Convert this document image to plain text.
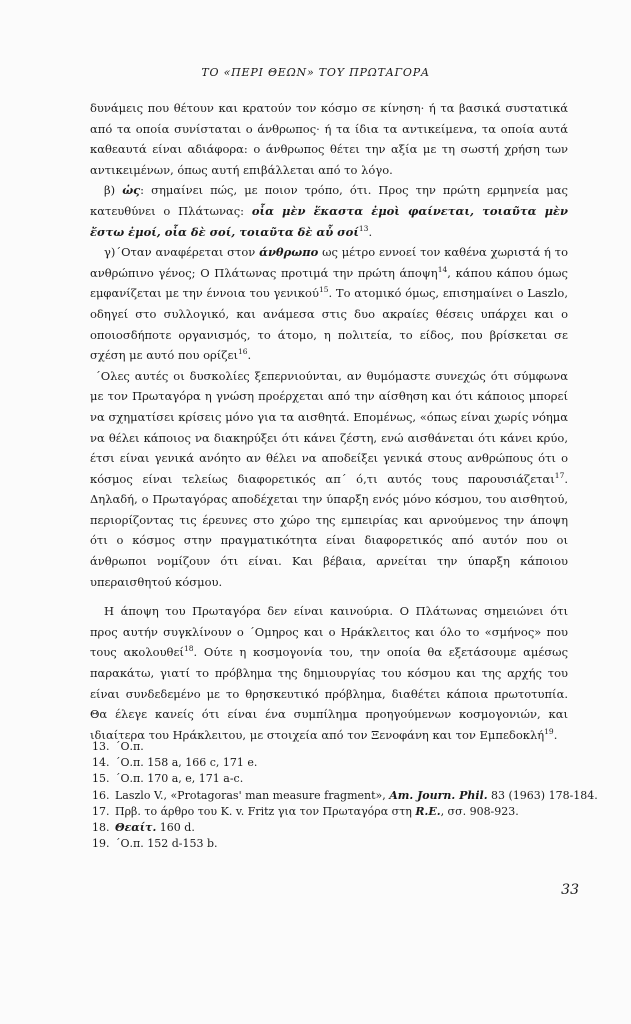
ΤΟ «ΠΕΡΙ ΘΕΩΝ» ΤΟΥ ΠΡΩΤΑΓΟΡΑ

δυνάμεις που θέτουν και κρατούν τον κόσμο σε κίνηση· ή τα βασικά συστατικά από τα οποία συνίσταται ο άνθρωπος· ή τα ίδια τα αντικείμενα, τα οποία αυτά καθεαυτά είναι αδιάφορα: ο άνθρωπος θέτει την αξία με τη σωστή χρήση των αντικειμένων, όπως αυτή επιβάλλεται από το λόγο.

β) ὡς: σημαίνει πώς, με ποιον τρόπο, ότι. Προς την πρώτη ερμηνεία μας κατευθύνει ο Πλάτωνας: οἷα μὲν ἕκαστα ἐμοὶ φαίνεται, τοιαῦτα μὲν ἔστω ἐμοί, οἷα δὲ σοί, τοιαῦτα δὲ αὖ σοί$^{13}$.

γ)΄Οταν αναφέρεται στον άνθρωπο ως μέτρο εννοεί τον καθένα χωριστά ή το ανθρώπινο γένος; Ο Πλάτωνας προτιμά την πρώτη άποψη$^{14}$, κάπου κάπου όμως εμφανίζεται με την έννοια του γενικού$^{15}$. Το ατομικό όμως, επισημαίνει ο Laszlo, οδηγεί στο συλλογικό, και ανάμεσα στις δυο ακραίες θέσεις υπάρχει και ο οποιοσδήποτε οργανισμός, το άτομο, η πολιτεία, το είδος, που βρίσκεται σε σχέση με αυτό που ορίζει$^{16}$.

΄Ολες αυτές οι δυσκολίες ξεπερνιούνται, αν θυμόμαστε συνεχώς ότι σύμφωνα με τον Πρωταγόρα η γνώση προέρχεται από την αίσθηση και ότι κάποιος μπορεί να σχηματίσει κρίσεις μόνο για τα αισθητά. Επομένως, «όπως είναι χωρίς νόημα να θέλει κάποιος να διακηρύξει ότι κάνει ζέστη, ενώ αισθάνεται ότι κάνει κρύο, έτσι είναι γενικά ανόητο αν θέλει να αποδείξει γενικά στους ανθρώπους ότι ο κόσμος είναι τελείως διαφορετικός απ΄ ό,τι αυτός τους παρουσιάζεται$^{17}$. Δηλαδή, ο Πρωταγόρας αποδέχεται την ύπαρξη ενός μόνο κόσμου, του αισθητού, περιορίζοντας τις έρευνες στο χώρο της εμπειρίας και αρνούμενος την άποψη ότι ο κόσμος στην πραγματικότητα είναι διαφορετικός από αυτόν που οι άνθρωποι νομίζουν ότι είναι. Και βέβαια, αρνείται την ύπαρξη κάποιου υπεραισθητού κόσμου.

Η άποψη του Πρωταγόρα δεν είναι καινούρια. Ο Πλάτωνας σημειώνει ότι προς αυτήν συγκλίνουν ο ΄Ομηρος και ο Ηράκλειτος και όλο το «σμήνος» που τους ακολουθεί$^{18}$. Ούτε η κοσμογονία του, την οποία θα εξετάσουμε αμέσως παρακάτω, γιατί το πρόβλημα της δημιουργίας του κόσμου και της αρχής του είναι συνδεδεμένο με το θρησκευτικό πρόβλημα, διαθέτει κάποια πρωτοτυπία. Θα έλεγε κανείς ότι είναι ένα συμπίλημα προηγούμενων κοσμογονιών, και ιδιαίτερα του Ηράκλειτου, με στοιχεία από τον Ξενοφάνη και τον Εμπεδοκλή$^{19}$.

13. ΄Ο.π.
14. ΄Ο.π. 158 a, 166 c, 171 e.
15. ΄Ο.π. 170 a, e, 171 a-c.
16. Laszlo V., «Protagoras' man measure fragment», Am. Journ. Phil. 83 (1963) 178-184.
17. Πρβ. το άρθρο του K. v. Fritz για τον Πρωταγόρα στη R.E., σσ. 908-923.
18. Θεαίτ. 160 d.
19. ΄Ο.π. 152 d-153 b.
33
